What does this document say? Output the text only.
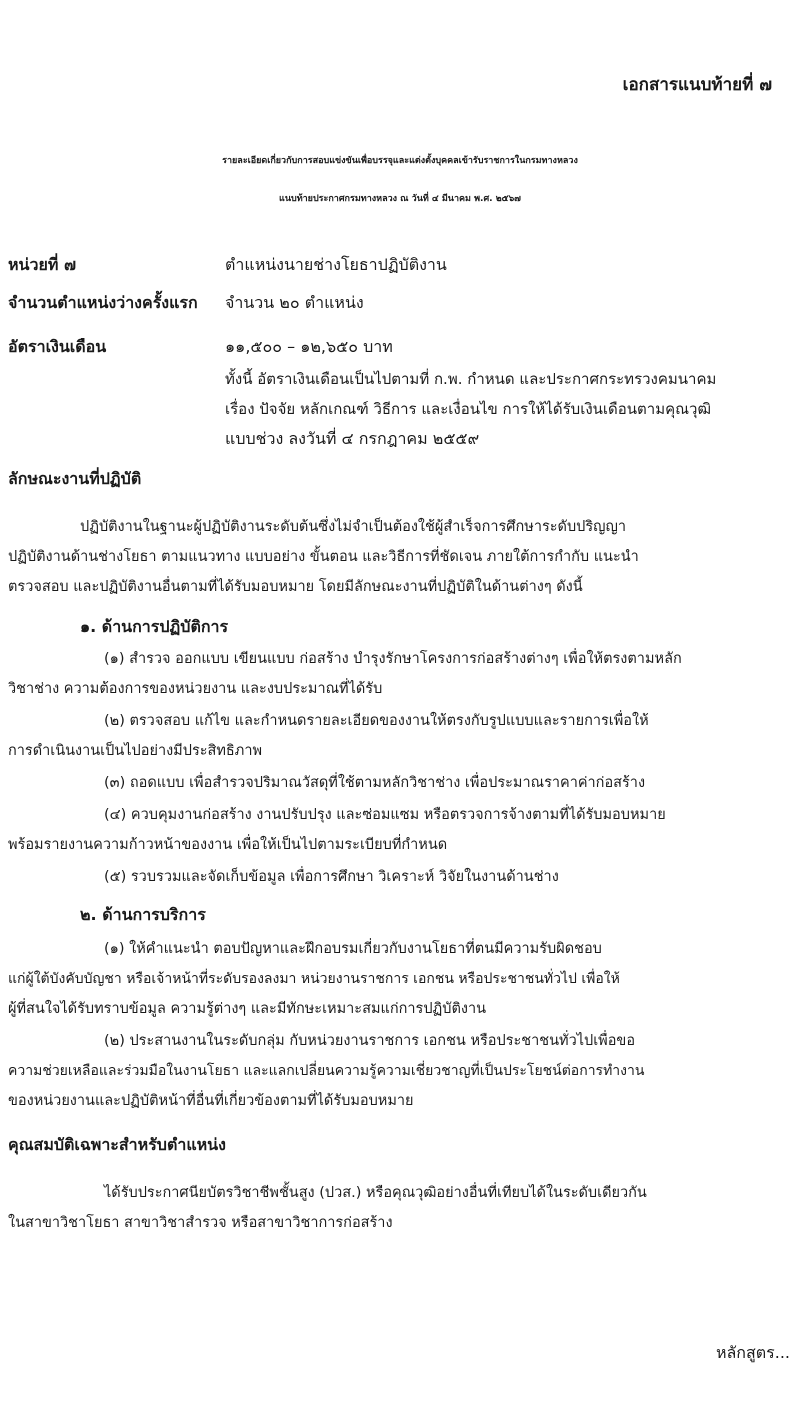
เอกสารแนบท้ายที่ ๗
รายละเอียดเกี่ยวกับการสอบแข่งขันเพื่อบรรจุและแต่งตั้งบุคคลเข้ารับราชการในกรมทางหลวง
แนบท้ายประกาศกรมทางหลวง ณ วันที่ ๔ มีนาคม พ.ศ. ๒๕๖๗
หน่วยที่ ๗	ตำแหน่งนายช่างโยธาปฏิบัติงาน
จำนวนตำแหน่งว่างครั้งแรก จำนวน ๒๐ ตำแหน่ง
อัตราเงินเดือน	๑๑,๕๐๐ – ๑๒,๖๕๐ บาท
ทั้งนี้ อัตราเงินเดือนเป็นไปตามที่ ก.พ. กำหนด และประกาศกระทรวงคมนาคม
เรื่อง ปัจจัย หลักเกณฑ์ วิธีการ และเงื่อนไข การให้ได้รับเงินเดือนตามคุณวุฒิ
แบบช่วง ลงวันที่ ๔ กรกฎาคม ๒๕๕๙
ลักษณะงานที่ปฏิบัติ
ปฏิบัติงานในฐานะผู้ปฏิบัติงานระดับต้นซึ่งไม่จำเป็นต้องใช้ผู้สำเร็จการศึกษาระดับปริญญา
ปฏิบัติงานด้านช่างโยธา ตามแนวทาง แบบอย่าง ขั้นตอน และวิธีการที่ชัดเจน ภายใต้การกำกับ แนะนำ
ตรวจสอบ และปฏิบัติงานอื่นตามที่ได้รับมอบหมาย โดยมีลักษณะงานที่ปฏิบัติในด้านต่างๆ ดังนี้
๑. ด้านการปฏิบัติการ
(๑) สำรวจ ออกแบบ เขียนแบบ ก่อสร้าง บำรุงรักษาโครงการก่อสร้างต่างๆ เพื่อให้ตรงตามหลัก
วิชาช่าง ความต้องการของหน่วยงาน และงบประมาณที่ได้รับ
(๒) ตรวจสอบ แก้ไข และกำหนดรายละเอียดของงานให้ตรงกับรูปแบบและรายการเพื่อให้
การดำเนินงานเป็นไปอย่างมีประสิทธิภาพ
(๓) ถอดแบบ เพื่อสำรวจปริมาณวัสดุที่ใช้ตามหลักวิชาช่าง เพื่อประมาณราคาค่าก่อสร้าง
(๔) ควบคุมงานก่อสร้าง งานปรับปรุง และซ่อมแซม หรือตรวจการจ้างตามที่ได้รับมอบหมาย
พร้อมรายงานความก้าวหน้าของงาน เพื่อให้เป็นไปตามระเบียบที่กำหนด
(๕) รวบรวมและจัดเก็บข้อมูล เพื่อการศึกษา วิเคราะห์ วิจัยในงานด้านช่าง
๒. ด้านการบริการ
(๑) ให้คำแนะนำ ตอบปัญหาและฝึกอบรมเกี่ยวกับงานโยธาที่ตนมีความรับผิดชอบ
แก่ผู้ใต้บังคับบัญชา หรือเจ้าหน้าที่ระดับรองลงมา หน่วยงานราชการ เอกชน หรือประชาชนทั่วไป เพื่อให้
ผู้ที่สนใจได้รับทราบข้อมูล ความรู้ต่างๆ และมีทักษะเหมาะสมแก่การปฏิบัติงาน
(๒) ประสานงานในระดับกลุ่ม กับหน่วยงานราชการ เอกชน หรือประชาชนทั่วไปเพื่อขอ
ความช่วยเหลือและร่วมมือในงานโยธา และแลกเปลี่ยนความรู้ความเชี่ยวชาญที่เป็นประโยชน์ต่อการทำงาน
ของหน่วยงานและปฏิบัติหน้าที่อื่นที่เกี่ยวข้องตามที่ได้รับมอบหมาย
คุณสมบัติเฉพาะสำหรับตำแหน่ง
ได้รับประกาศนียบัตรวิชาชีพชั้นสูง (ปวส.) หรือคุณวุฒิอย่างอื่นที่เทียบได้ในระดับเดียวกัน
ในสาขาวิชาโยธา สาขาวิชาสำรวจ หรือสาขาวิชาการก่อสร้าง
หลักสูตร...
